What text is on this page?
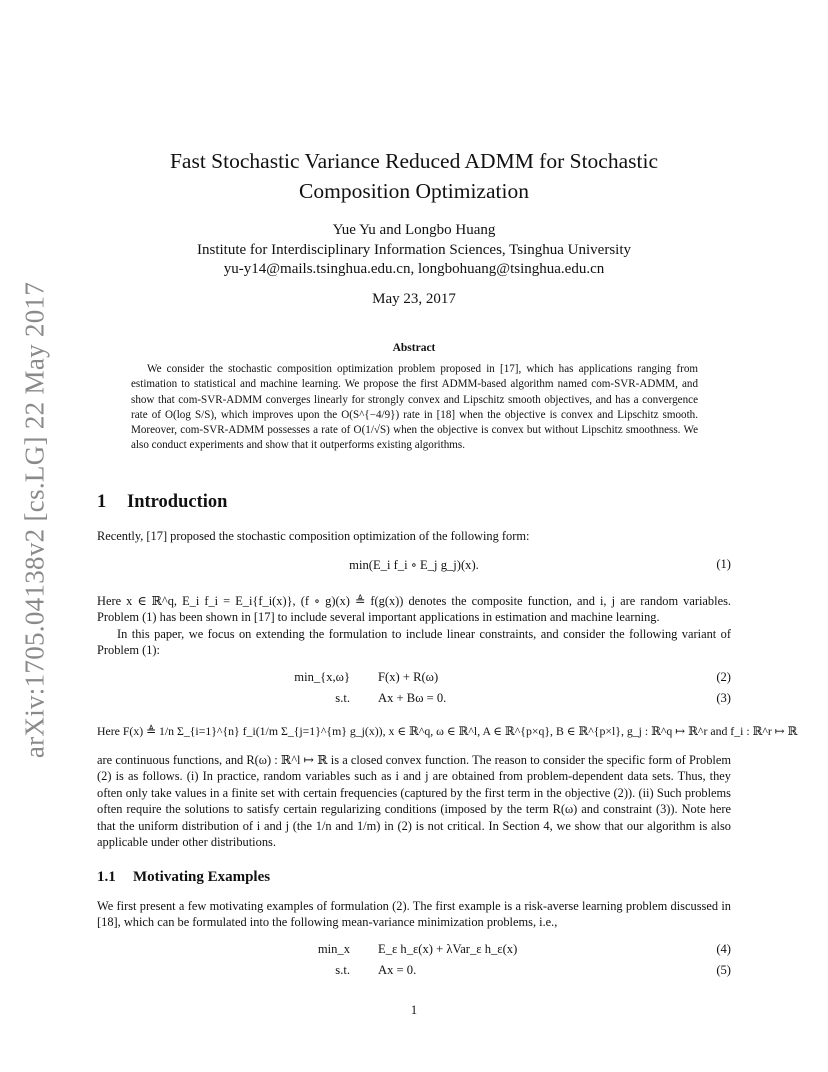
arXiv:1705.04138v2 [cs.LG] 22 May 2017
Fast Stochastic Variance Reduced ADMM for Stochastic
Composition Optimization
Yue Yu and Longbo Huang
Institute for Interdisciplinary Information Sciences, Tsinghua University
yu-y14@mails.tsinghua.edu.cn, longbohuang@tsinghua.edu.cn
May 23, 2017
Abstract
We consider the stochastic composition optimization problem proposed in [17], which has applications ranging from estimation to statistical and machine learning. We propose the first ADMM-based algorithm named com-SVR-ADMM, and show that com-SVR-ADMM converges linearly for strongly convex and Lipschitz smooth objectives, and has a convergence rate of O(log S/S), which improves upon the O(S^{−4/9}) rate in [18] when the objective is convex and Lipschitz smooth. Moreover, com-SVR-ADMM possesses a rate of O(1/√S) when the objective is convex but without Lipschitz smoothness. We also conduct experiments and show that it outperforms existing algorithms.
1 Introduction
Recently, [17] proposed the stochastic composition optimization of the following form:
min(E_i f_i ∘ E_j g_j)(x).	(1)
Here x ∈ ℝ^q, E_i f_i = E_i{f_i(x)}, (f ∘ g)(x) ≜ f(g(x)) denotes the composite function, and i, j are random variables. Problem (1) has been shown in [17] to include several important applications in estimation and machine learning.
In this paper, we focus on extending the formulation to include linear constraints, and consider the following variant of Problem (1):
min_{x,ω} F(x) + R(ω)	(2)
s.t. Ax + Bω = 0.	(3)
Here F(x) ≜ 1/n Σ_{i=1}^{n} f_i(1/m Σ_{j=1}^{m} g_j(x)), x ∈ ℝ^q, ω ∈ ℝ^l, A ∈ ℝ^{p×q}, B ∈ ℝ^{p×l}, g_j : ℝ^q ↦ ℝ^r and f_i : ℝ^r ↦ ℝ
are continuous functions, and R(ω) : ℝ^l ↦ ℝ is a closed convex function. The reason to consider the specific form of Problem (2) is as follows. (i) In practice, random variables such as i and j are obtained from problem-dependent data sets. Thus, they often only take values in a finite set with certain frequencies (captured by the first term in the objective (2)). (ii) Such problems often require the solutions to satisfy certain regularizing conditions (imposed by the term R(ω) and constraint (3)). Note here that the uniform distribution of i and j (the 1/n and 1/m) in (2) is not critical. In Section 4, we show that our algorithm is also applicable under other distributions.
1.1 Motivating Examples
We first present a few motivating examples of formulation (2). The first example is a risk-averse learning problem discussed in [18], which can be formulated into the following mean-variance minimization problems, i.e.,
min_x E_ε h_ε(x) + λVar_ε h_ε(x)	(4)
s.t. Ax = 0.	(5)
1
